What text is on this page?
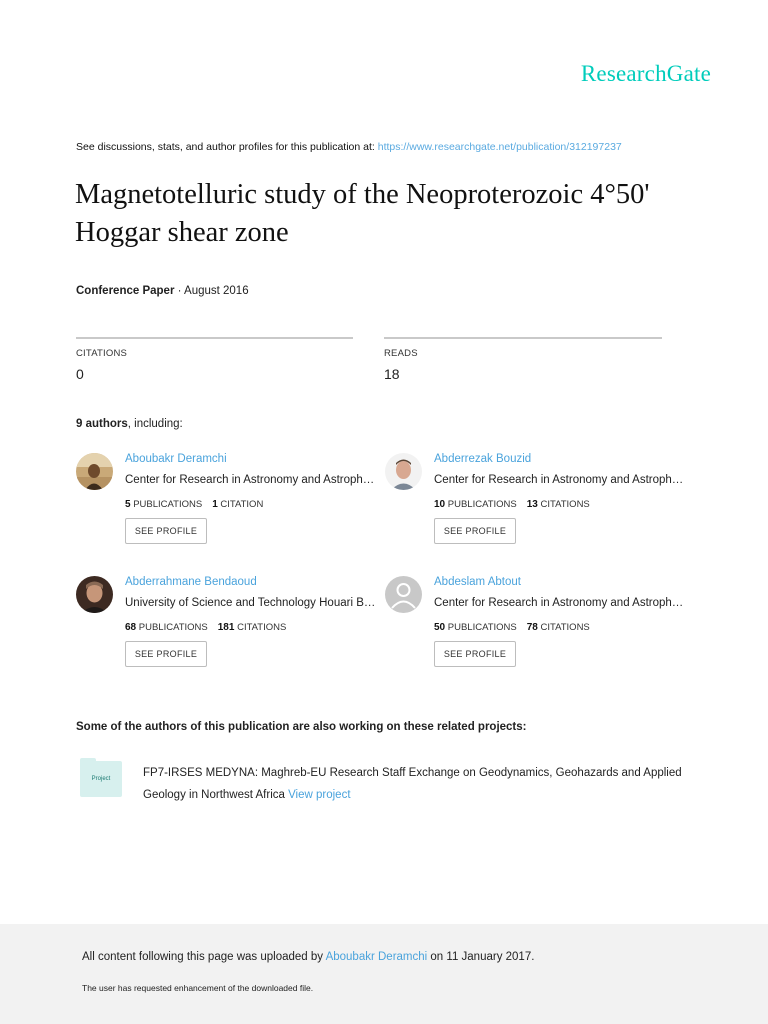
ResearchGate
See discussions, stats, and author profiles for this publication at: https://www.researchgate.net/publication/312197237
Magnetotelluric study of the Neoproterozoic 4°50' Hoggar shear zone
Conference Paper · August 2016
CITATIONS
0
READS
18
9 authors, including:
Aboubakr Deramchi
Center for Research in Astronomy and Astroph…
5 PUBLICATIONS 1 CITATION
SEE PROFILE
Abderrezak Bouzid
Center for Research in Astronomy and Astroph…
10 PUBLICATIONS 13 CITATIONS
SEE PROFILE
Abderrahmane Bendaoud
University of Science and Technology Houari B…
68 PUBLICATIONS 181 CITATIONS
SEE PROFILE
Abdeslam Abtout
Center for Research in Astronomy and Astroph…
50 PUBLICATIONS 78 CITATIONS
SEE PROFILE
Some of the authors of this publication are also working on these related projects:
Project	FP7-IRSES MEDYNA: Maghreb-EU Research Staff Exchange on Geodynamics, Geohazards and Applied Geology in Northwest Africa View project
All content following this page was uploaded by Aboubakr Deramchi on 11 January 2017.
The user has requested enhancement of the downloaded file.
